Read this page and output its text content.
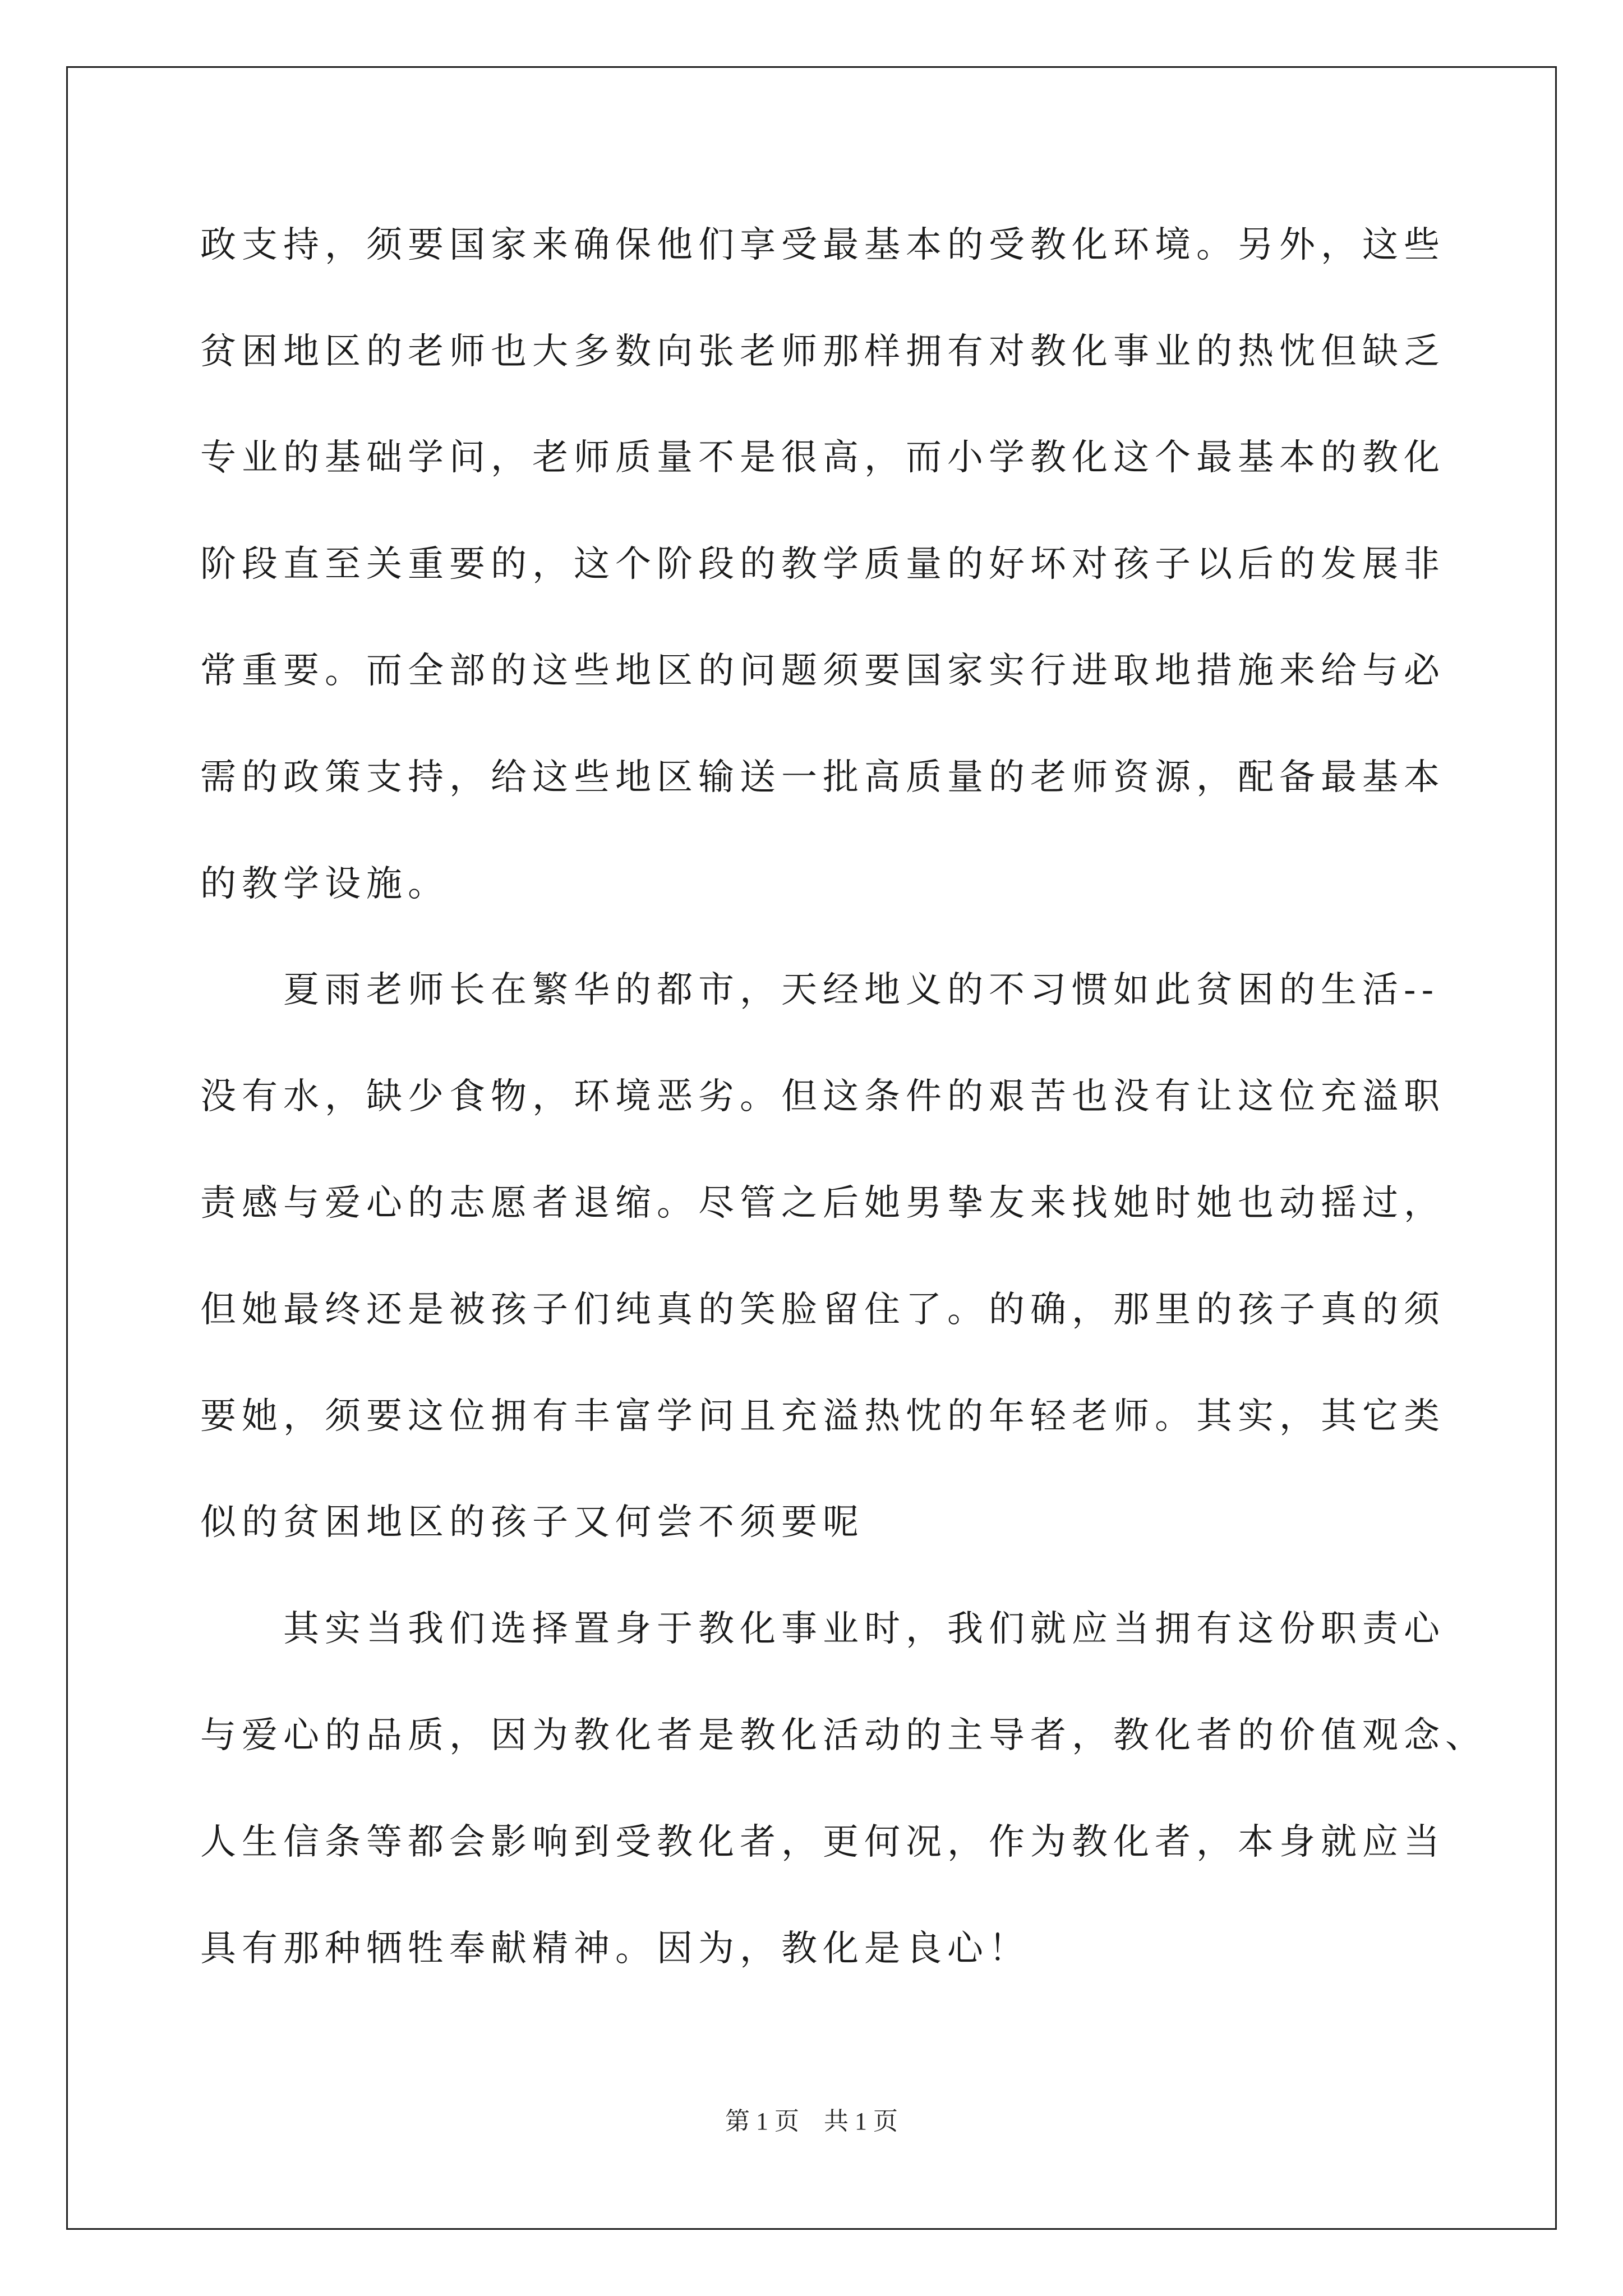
政支持，须要国家来确保他们享受最基本的受教化环境。另外，这些
贫困地区的老师也大多数向张老师那样拥有对教化事业的热忱但缺乏
专业的基础学问，老师质量不是很高，而小学教化这个最基本的教化
阶段直至关重要的，这个阶段的教学质量的好坏对孩子以后的发展非
常重要。而全部的这些地区的问题须要国家实行进取地措施来给与必
需的政策支持，给这些地区输送一批高质量的老师资源，配备最基本
的教学设施。
　　夏雨老师长在繁华的都市，天经地义的不习惯如此贫困的生活--
没有水，缺少食物，环境恶劣。但这条件的艰苦也没有让这位充溢职
责感与爱心的志愿者退缩。尽管之后她男挚友来找她时她也动摇过，
但她最终还是被孩子们纯真的笑脸留住了。的确，那里的孩子真的须
要她，须要这位拥有丰富学问且充溢热忱的年轻老师。其实，其它类
似的贫困地区的孩子又何尝不须要呢
　　其实当我们选择置身于教化事业时，我们就应当拥有这份职责心
与爱心的品质，因为教化者是教化活动的主导者，教化者的价值观念、
人生信条等都会影响到受教化者，更何况，作为教化者，本身就应当
具有那种牺牲奉献精神。因为，教化是良心！
第 1 页　共 1 页
